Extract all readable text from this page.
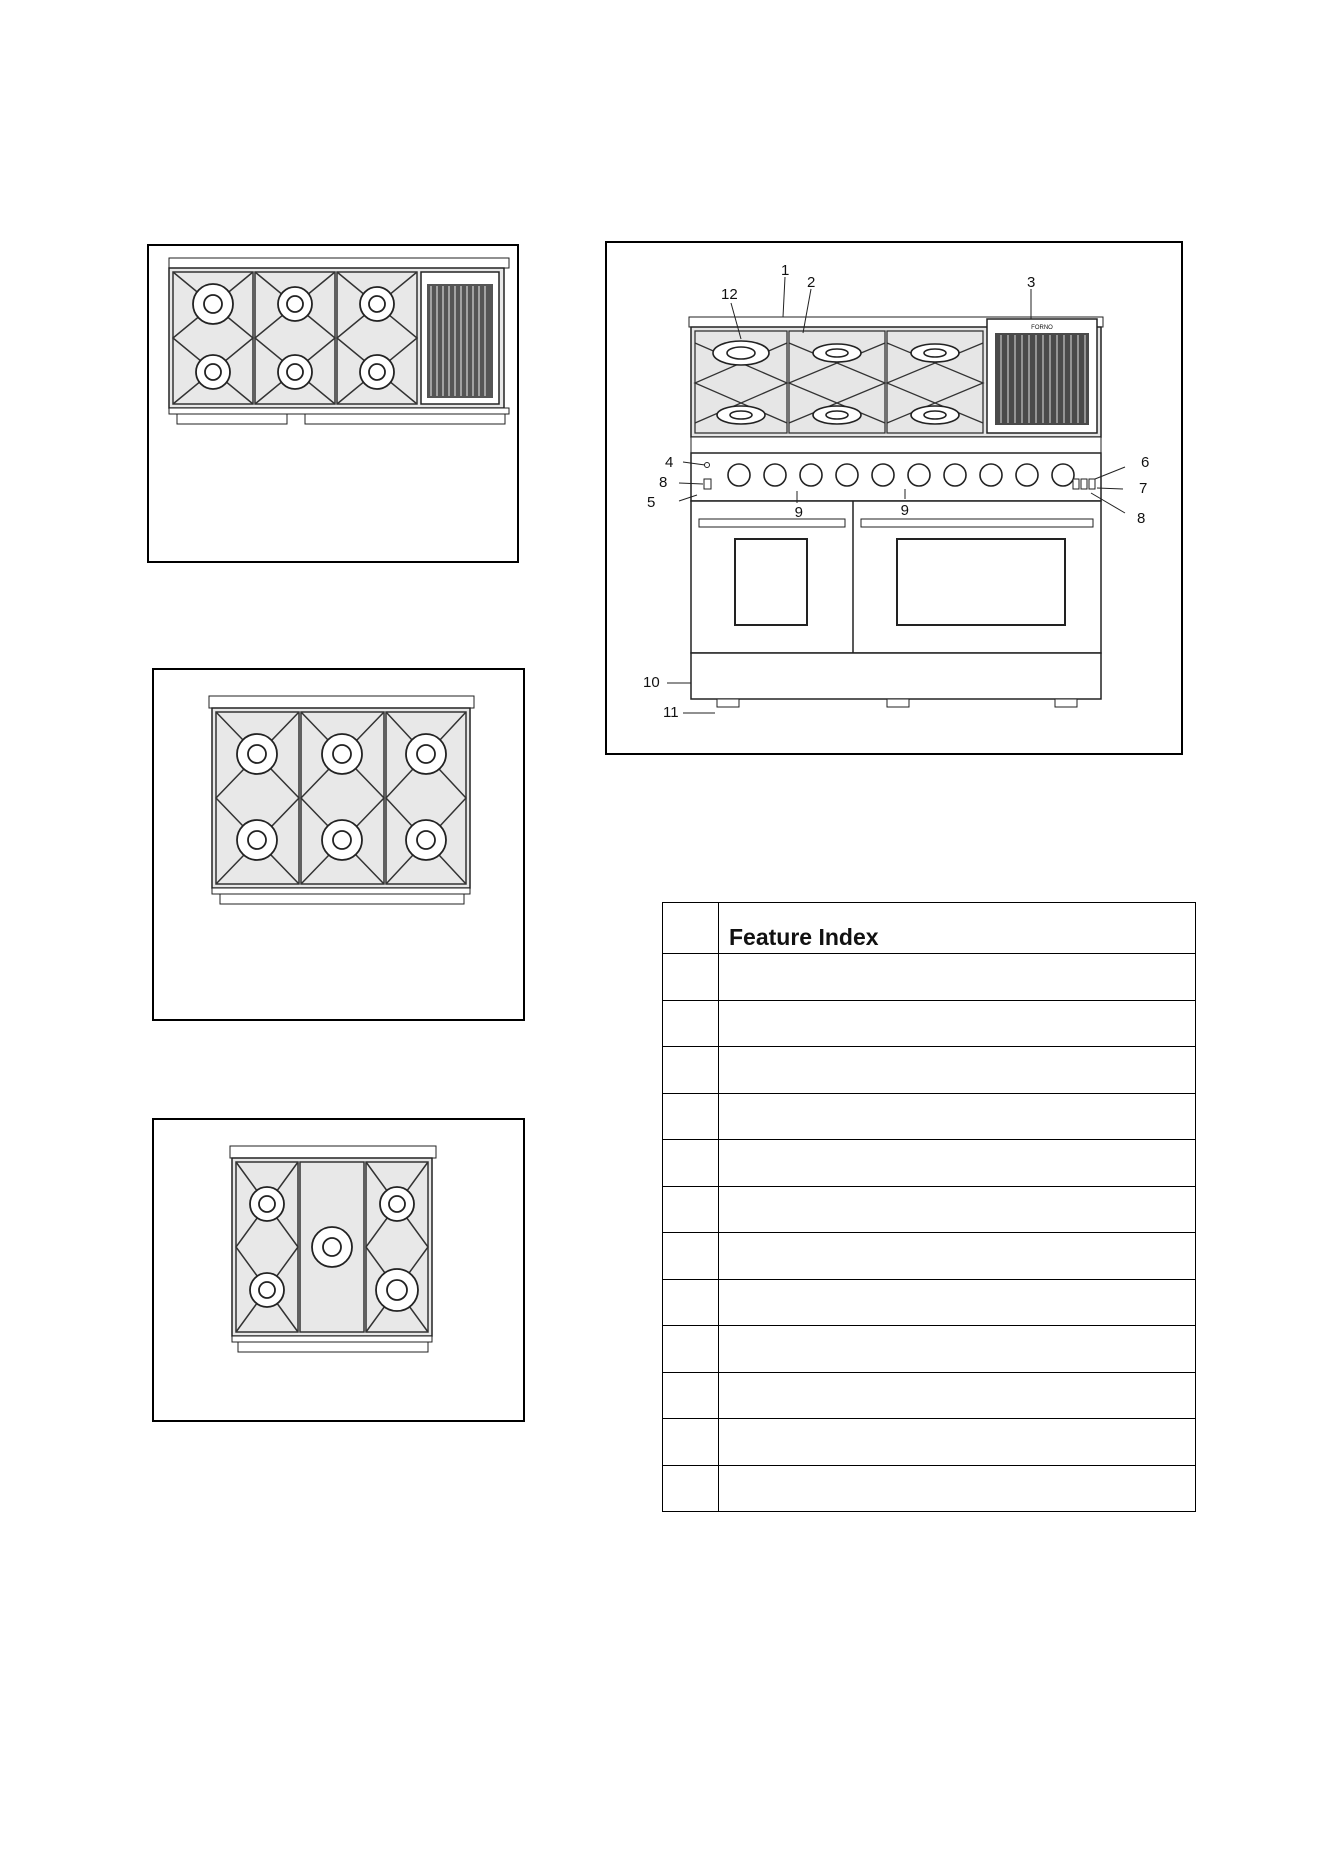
FORNO
1
2	3
4
5
6
7
8
8
9	9
10
11
12
	Feature Index
